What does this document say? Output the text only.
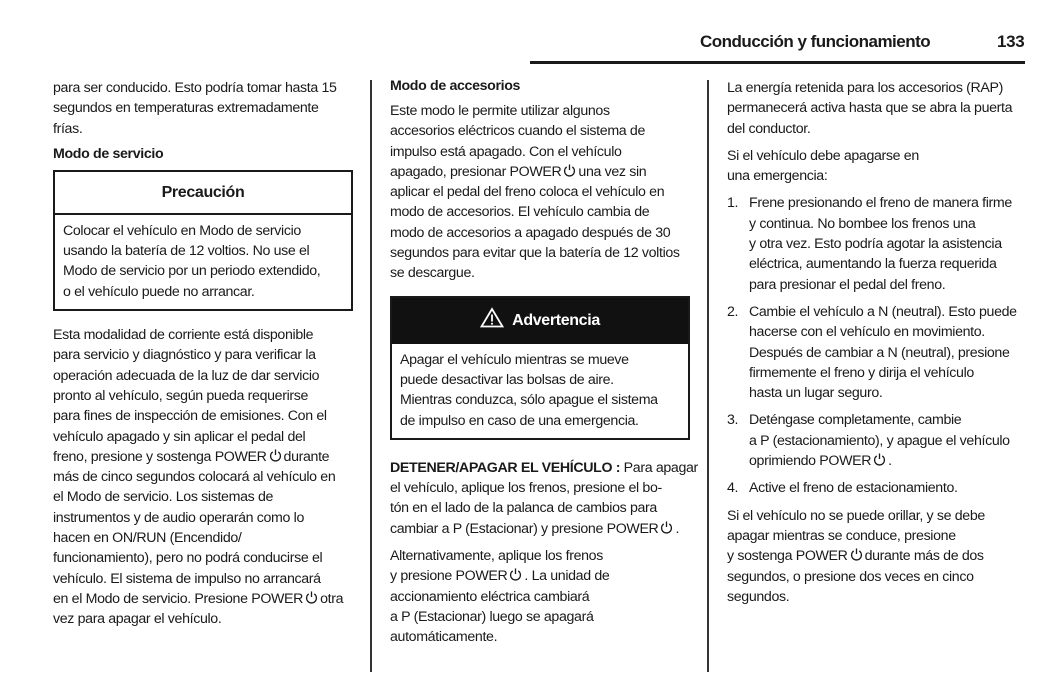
Conducción y funcionamiento	133
para ser conducido. Esto podría tomar hasta 15
segundos en temperaturas extremadamente
frías.
Modo de servicio
Precaución
Colocar el vehículo en Modo de servicio
usando la batería de 12 voltios. No use el
Modo de servicio por un periodo extendido,
o el vehículo puede no arrancar.
Esta modalidad de corriente está disponible
para servicio y diagnóstico y para verificar la
operación adecuada de la luz de dar servicio
pronto al vehículo, según pueda requerirse
para fines de inspección de emisiones. Con el
vehículo apagado y sin aplicar el pedal del
freno, presione y sostenga POWER durante
más de cinco segundos colocará al vehículo en
el Modo de servicio. Los sistemas de
instrumentos y de audio operarán como lo
hacen en ON/RUN (Encendido/
funcionamiento), pero no podrá conducirse el
vehículo. El sistema de impulso no arrancará
en el Modo de servicio. Presione POWER otra
vez para apagar el vehículo.
Modo de accesorios
Este modo le permite utilizar algunos
accesorios eléctricos cuando el sistema de
impulso está apagado. Con el vehículo
apagado, presionar POWER una vez sin
aplicar el pedal del freno coloca el vehículo en
modo de accesorios. El vehículo cambia de
modo de accesorios a apagado después de 30
segundos para evitar que la batería de 12 voltios
se descargue.
Advertencia
Apagar el vehículo mientras se mueve
puede desactivar las bolsas de aire.
Mientras conduzca, sólo apague el sistema
de impulso en caso de una emergencia.
DETENER/APAGAR EL VEHÍCULO : Para apagar
el vehículo, aplique los frenos, presione el bo-
tón en el lado de la palanca de cambios para
cambiar a P (Estacionar) y presione POWER .
Alternativamente, aplique los frenos
y presione POWER . La unidad de
accionamiento eléctrica cambiará
a P (Estacionar) luego se apagará
automáticamente.
La energía retenida para los accesorios (RAP)
permanecerá activa hasta que se abra la puerta
del conductor.
Si el vehículo debe apagarse en
una emergencia:
1. Frene presionando el freno de manera firme
y continua. No bombee los frenos una
y otra vez. Esto podría agotar la asistencia
eléctrica, aumentando la fuerza requerida
para presionar el pedal del freno.
2. Cambie el vehículo a N (neutral). Esto puede
hacerse con el vehículo en movimiento.
Después de cambiar a N (neutral), presione
firmemente el freno y dirija el vehículo
hasta un lugar seguro.
3. Deténgase completamente, cambie
a P (estacionamiento), y apague el vehículo
oprimiendo POWER .
4. Active el freno de estacionamiento.
Si el vehículo no se puede orillar, y se debe
apagar mientras se conduce, presione
y sostenga POWER durante más de dos
segundos, o presione dos veces en cinco
segundos.
